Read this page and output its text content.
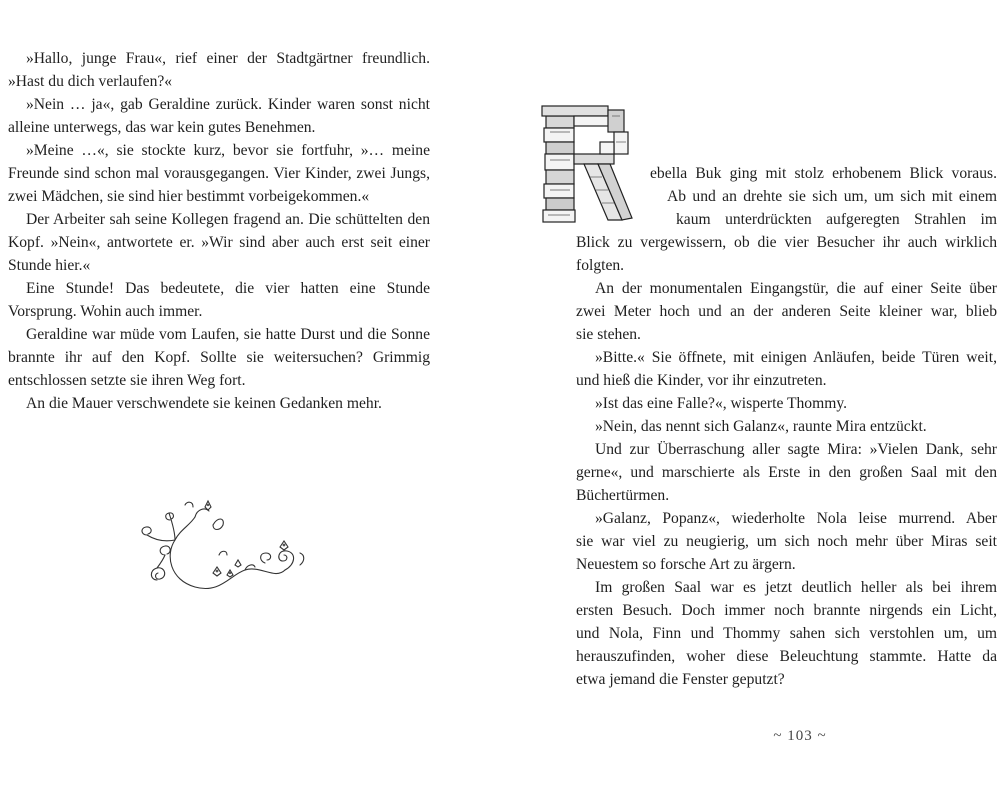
»Hallo, junge Frau«, rief einer der Stadtgärtner freundlich. »Hast du dich verlaufen?«

»Nein … ja«, gab Geraldine zurück. Kinder waren sonst nicht alleine unterwegs, das war kein gutes Benehmen.

»Meine …«, sie stockte kurz, bevor sie fortfuhr, »… meine Freunde sind schon mal vorausgegangen. Vier Kinder, zwei Jungs, zwei Mädchen, sie sind hier bestimmt vorbeigekommen.«

Der Arbeiter sah seine Kollegen fragend an. Die schüttelten den Kopf. »Nein«, antwortete er. »Wir sind aber auch erst seit einer Stunde hier.«

Eine Stunde! Das bedeutete, die vier hatten eine Stunde Vorsprung. Wohin auch immer.

Geraldine war müde vom Laufen, sie hatte Durst und die Sonne brannte ihr auf den Kopf. Sollte sie weitersuchen? Grimmig entschlossen setzte sie ihren Weg fort.

An die Mauer verschwendete sie keinen Gedanken mehr.

ebella Buk ging mit stolz erhobenem Blick voraus.

Ab und an drehte sie sich um, um sich mit einem

kaum unterdrückten aufgeregten Strahlen im

Blick zu vergewissern, ob die vier Besucher ihr auch wirklich

folgten.

An der monumentalen Eingangstür, die auf einer Seite über

zwei Meter hoch und an der anderen Seite kleiner war, blieb

sie stehen.

»Bitte.« Sie öffnete, mit einigen Anläufen, beide Türen weit,

und hieß die Kinder, vor ihr einzutreten.

»Ist das eine Falle?«, wisperte Thommy.

»Nein, das nennt sich Galanz«, raunte Mira entzückt.

Und zur Überraschung aller sagte Mira: »Vielen Dank, sehr

gerne«, und marschierte als Erste in den großen Saal mit den

Büchertürmen.

»Galanz, Popanz«, wiederholte Nola leise murrend. Aber

sie war viel zu neugierig, um sich noch mehr über Miras seit

Neuestem so forsche Art zu ärgern.

Im großen Saal war es jetzt deutlich heller als bei ihrem

ersten Besuch. Doch immer noch brannte nirgends ein Licht,

und Nola, Finn und Thommy sahen sich verstohlen um, um

herauszufinden, woher diese Beleuchtung stammte. Hatte da

etwa jemand die Fenster geputzt?

~ 103 ~
